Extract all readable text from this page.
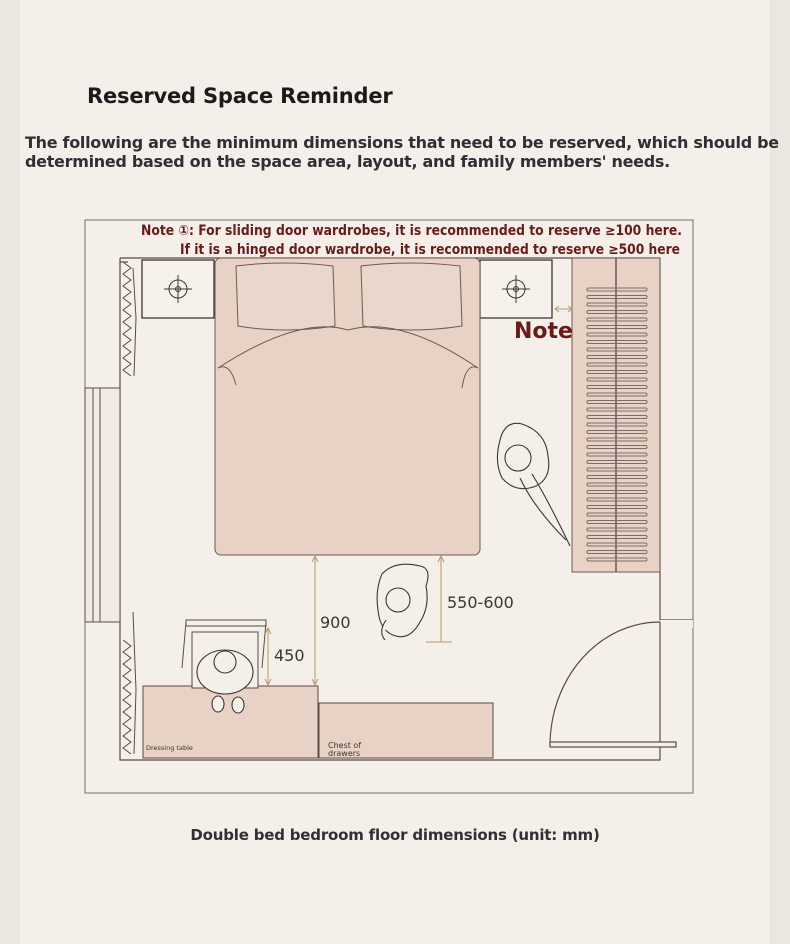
Reserved Space Reminder
The following are the minimum dimensions that need to be reserved, which should be
determined based on the space area, layout, and family members' needs.
Dressing table	Chest of
drawers
900
450
550-600
Note ①: For sliding door wardrobes, it is recommended to reserve ≥100 here.
If it is a hinged door wardrobe, it is recommended to reserve ≥500 here
Note
Double bed bedroom floor dimensions (unit: mm)
